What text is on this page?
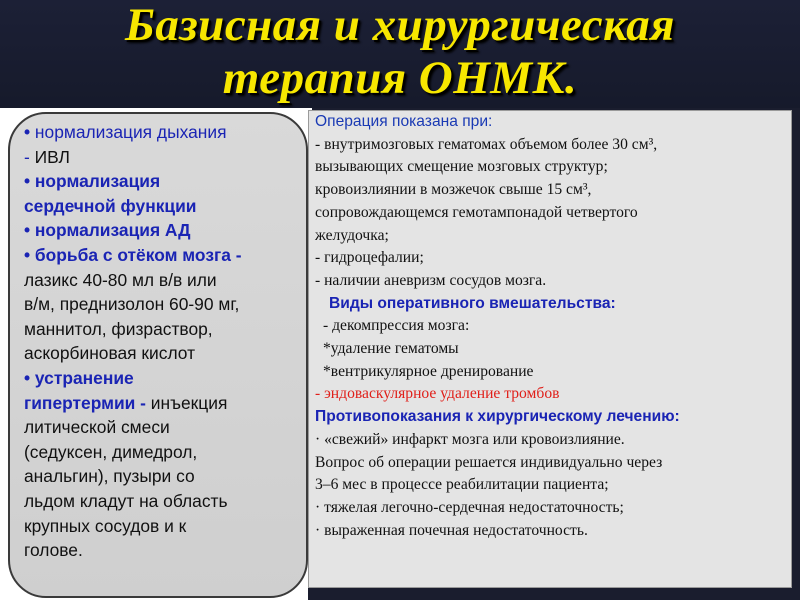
Базисная и хирургическая
терапия ОНМК.
• нормализация дыхания
- ИВЛ
• нормализация
сердечной функции
• нормализация АД
• борьба с отёком мозга -
лазикс 40-80 мл в/в или
в/м, преднизолон 60-90 мг,
маннитол, физраствор,
аскорбиновая кислот
• устранение
гипертермии - инъекция
литической смеси
(седуксен, димедрол,
анальгин), пузыри со
льдом кладут на область
крупных сосудов и к
голове.
Операция показана при:
- внутримозговых гематомах объемом более 30 см³,
вызывающих смещение мозговых структур;
кровоизлиянии в мозжечок свыше 15 см³,
сопровождающемся гемотампонадой четвертого
желудочка;
- гидроцефалии;
- наличии аневризм сосудов мозга.
Виды оперативного вмешательства:
- декомпрессия мозга:
*удаление гематомы
*вентрикулярное дренирование
- эндоваскулярное удаление тромбов
Противопоказания к хирургическому лечению:
· «свежий» инфаркт мозга или кровоизлияние.
Вопрос об операции решается индивидуально через
3–6 мес в процессе реабилитации пациента;
· тяжелая легочно-сердечная недостаточность;
· выраженная почечная недостаточность.
